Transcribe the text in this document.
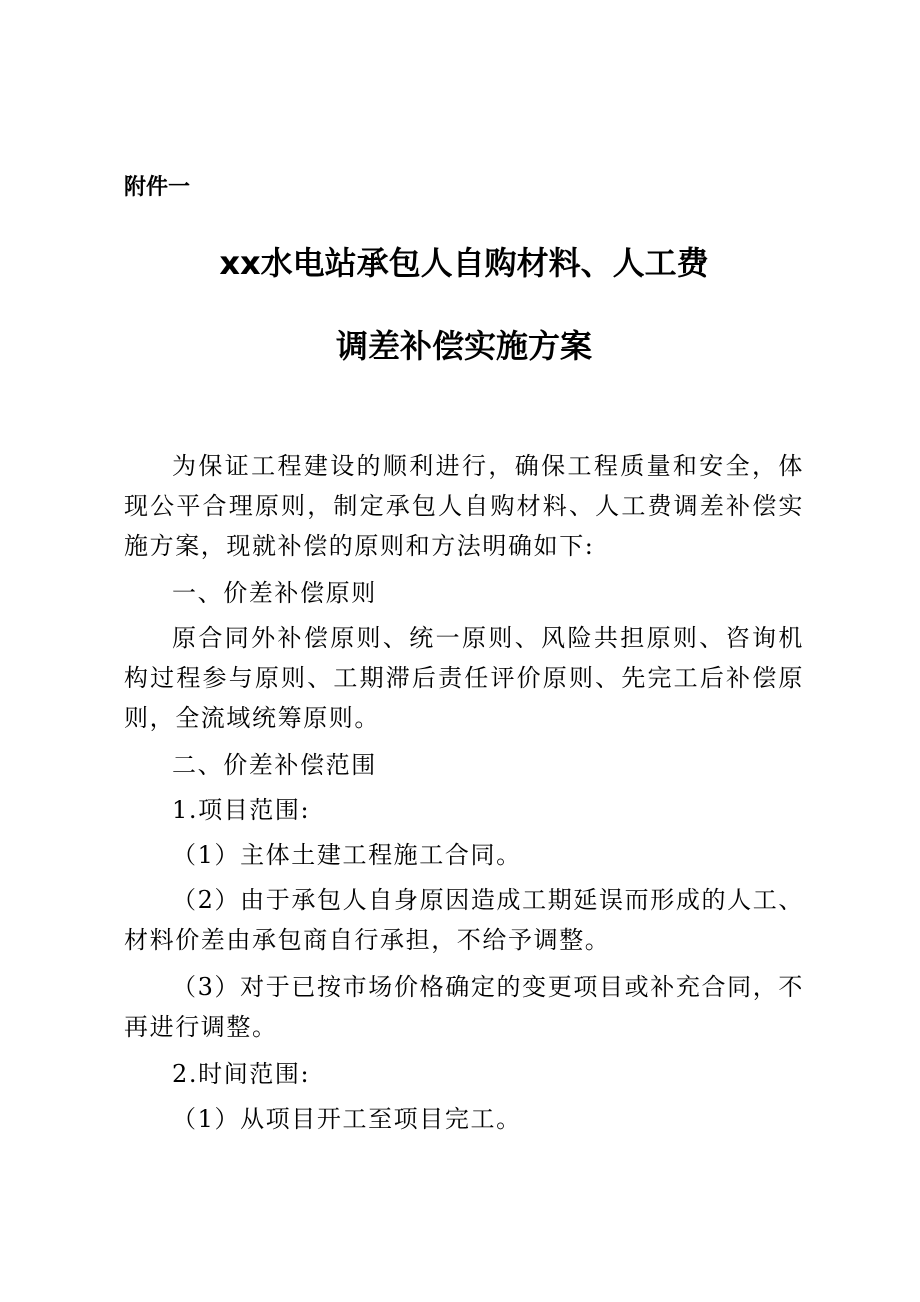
附件一
xx水电站承包人自购材料、人工费
调差补偿实施方案

为保证工程建设的顺利进行，确保工程质量和安全，体现公平合理原则，制定承包人自购材料、人工费调差补偿实施方案，现就补偿的原则和方法明确如下:

一、价差补偿原则

原合同外补偿原则、统一原则、风险共担原则、咨询机构过程参与原则、工期滞后责任评价原则、先完工后补偿原则，全流域统筹原则。

二、价差补偿范围

1.项目范围:

（1）主体土建工程施工合同。

（2）由于承包人自身原因造成工期延误而形成的人工、材料价差由承包商自行承担，不给予调整。

（3）对于已按市场价格确定的变更项目或补充合同，不再进行调整。

2.时间范围:

（1）从项目开工至项目完工。
